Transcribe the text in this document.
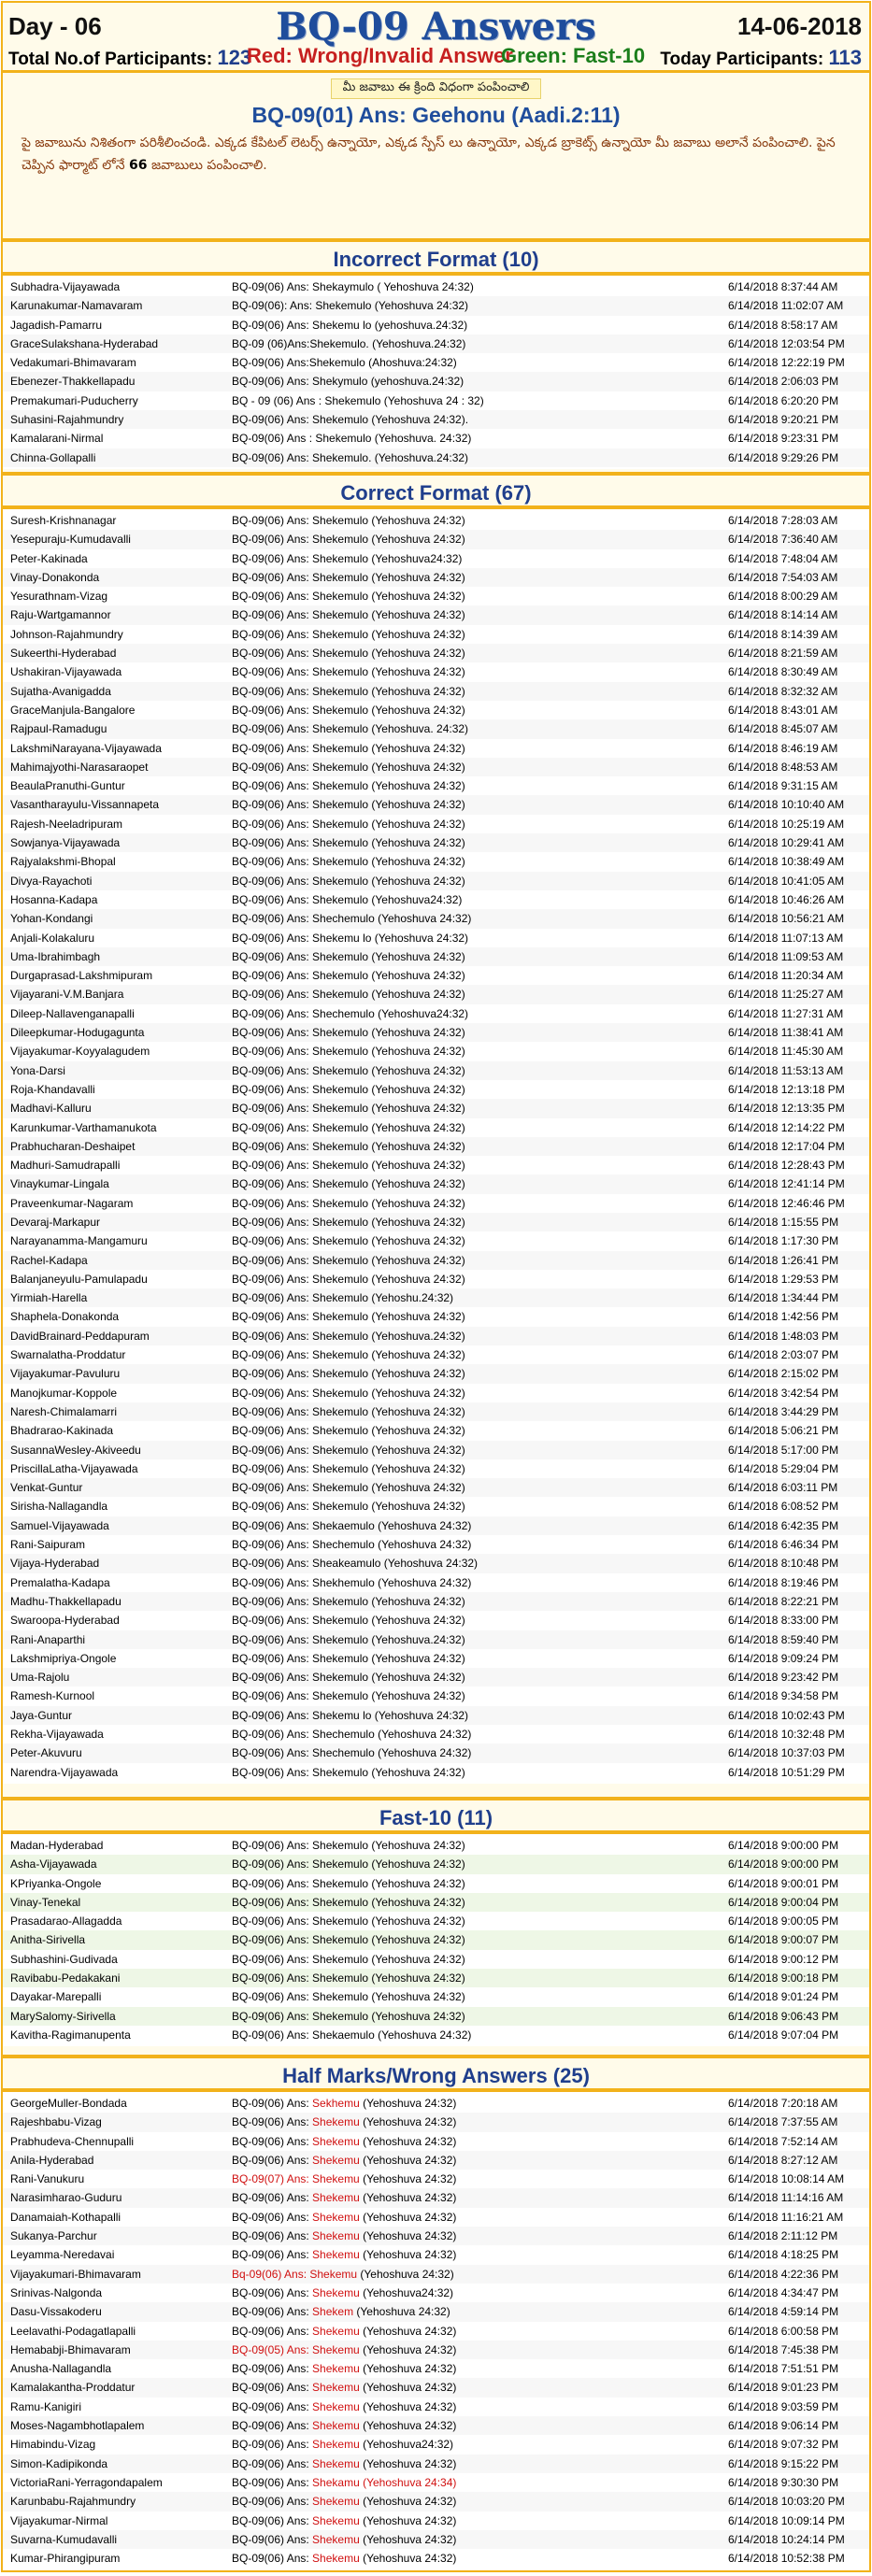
Day - 06	BQ-09 Answers	14-06-2018
Total No.of Participants: 123
Red: Wrong/Invalid Answer
Green: Fast-10 Today Participants: 113
మీ జవాబు ఈ క్రింది విధంగా పంపించాలి
BQ-09(01) Ans: Geehonu (Aadi.2:11)
పై జవాబును నిశితంగా పరిశీలించండి. ఎక్కడ కేపిటల్ లెటర్స్ ఉన్నాయో, ఎక్కడ స్పేస్ లు ఉన్నాయో, ఎక్కడ బ్రాకెట్స్ ఉన్నాయో మీ జవాబు అలానే పంపించాలి. పైన చెప్పిన ఫార్మాట్ లోనే 66 జవాబులు పంపించాలి.
Incorrect Format (10)
Subhadra-Vijayawada	BQ-09(06) Ans: Shekaymulo ( Yehoshuva 24:32)	6/14/2018 8:37:44 AM
Karunakumar-Namavaram	BQ-09(06): Ans: Shekemulo (Yehoshuva 24:32)	6/14/2018 11:02:07 AM
Jagadish-Pamarru	BQ-09(06) Ans: Shekemu lo (yehoshuva.24:32)	6/14/2018 8:58:17 AM
GraceSulakshana-Hyderabad	BQ-09 (06)Ans:Shekemulo. (Yehoshuva.24:32)	6/14/2018 12:03:54 PM
Vedakumari-Bhimavaram	BQ-09(06) Ans:Shekemulo (Ahoshuva:24:32)	6/14/2018 12:22:19 PM
Ebenezer-Thakkellapadu	BQ-09(06) Ans: Shekymulo (yehoshuva.24:32)	6/14/2018 2:06:03 PM
Premakumari-Puducherry	BQ - 09 (06) Ans : Shekemulo (Yehoshuva 24 : 32)	6/14/2018 6:20:20 PM
Suhasini-Rajahmundry	BQ-09(06) Ans: Shekemulo (Yehoshuva 24:32).	6/14/2018 9:20:21 PM
Kamalarani-Nirmal	BQ-09(06) Ans : Shekemulo (Yehoshuva. 24:32)	6/14/2018 9:23:31 PM
Chinna-Gollapalli	BQ-09(06) Ans: Shekemulo. (Yehoshuva.24:32)	6/14/2018 9:29:26 PM
Correct Format (67)
Suresh-Krishnanagar	BQ-09(06) Ans: Shekemulo (Yehoshuva 24:32)	6/14/2018 7:28:03 AM
Yesepuraju-Kumudavalli	BQ-09(06) Ans: Shekemulo (Yehoshuva 24:32)	6/14/2018 7:36:40 AM
Peter-Kakinada	BQ-09(06) Ans: Shekemulo (Yehoshuva24:32)	6/14/2018 7:48:04 AM
Vinay-Donakonda	BQ-09(06) Ans: Shekemulo (Yehoshuva 24:32)	6/14/2018 7:54:03 AM
Yesurathnam-Vizag	BQ-09(06) Ans: Shekemulo (Yehoshuva 24:32)	6/14/2018 8:00:29 AM
Raju-Wartgamannor	BQ-09(06) Ans: Shekemulo (Yehoshuva 24:32)	6/14/2018 8:14:14 AM
Johnson-Rajahmundry	BQ-09(06) Ans: Shekemulo (Yehoshuva 24:32)	6/14/2018 8:14:39 AM
Sukeerthi-Hyderabad	BQ-09(06) Ans: Shekemulo (Yehoshuva 24:32)	6/14/2018 8:21:59 AM
Ushakiran-Vijayawada	BQ-09(06) Ans: Shekemulo (Yehoshuva 24:32)	6/14/2018 8:30:49 AM
Sujatha-Avanigadda	BQ-09(06) Ans: Shekemulo (Yehoshuva 24:32)	6/14/2018 8:32:32 AM
GraceManjula-Bangalore	BQ-09(06) Ans: Shekemulo (Yehoshuva 24:32)	6/14/2018 8:43:01 AM
Rajpaul-Ramadugu	BQ-09(06) Ans: Shekemulo (Yehoshuva. 24:32)	6/14/2018 8:45:07 AM
LakshmiNarayana-Vijayawada	BQ-09(06) Ans: Shekemulo (Yehoshuva 24:32)	6/14/2018 8:46:19 AM
Mahimajyothi-Narasaraopet	BQ-09(06) Ans: Shekemulo (Yehoshuva 24:32)	6/14/2018 8:48:53 AM
BeaulaPranuthi-Guntur	BQ-09(06) Ans: Shekemulo (Yehoshuva 24:32)	6/14/2018 9:31:15 AM
Vasantharayulu-Vissannapeta	BQ-09(06) Ans: Shekemulo (Yehoshuva 24:32)	6/14/2018 10:10:40 AM
Rajesh-Neeladripuram	BQ-09(06) Ans: Shekemulo (Yehoshuva 24:32)	6/14/2018 10:25:19 AM
Sowjanya-Vijayawada	BQ-09(06) Ans: Shekemulo (Yehoshuva 24:32)	6/14/2018 10:29:41 AM
Rajyalakshmi-Bhopal	BQ-09(06) Ans: Shekemulo (Yehoshuva 24:32)	6/14/2018 10:38:49 AM
Divya-Rayachoti	BQ-09(06) Ans: Shekemulo (Yehoshuva 24:32)	6/14/2018 10:41:05 AM
Hosanna-Kadapa	BQ-09(06) Ans: Shekemulo (Yehoshuva24:32)	6/14/2018 10:46:26 AM
Yohan-Kondangi	BQ-09(06) Ans: Shechemulo (Yehoshuva 24:32)	6/14/2018 10:56:21 AM
Anjali-Kolakaluru	BQ-09(06) Ans: Shekemu lo (Yehoshuva 24:32)	6/14/2018 11:07:13 AM
Uma-Ibrahimbagh	BQ-09(06) Ans: Shekemulo (Yehoshuva 24:32)	6/14/2018 11:09:53 AM
Durgaprasad-Lakshmipuram	BQ-09(06) Ans: Shekemulo (Yehoshuva 24:32)	6/14/2018 11:20:34 AM
Vijayarani-V.M.Banjara	BQ-09(06) Ans: Shekemulo (Yehoshuva 24:32)	6/14/2018 11:25:27 AM
Dileep-Nallavenganapalli	BQ-09(06) Ans: Shechemulo (Yehoshuva24:32)	6/14/2018 11:27:31 AM
Dileepkumar-Hodugagunta	BQ-09(06) Ans: Shekemulo (Yehoshuva 24:32)	6/14/2018 11:38:41 AM
Vijayakumar-Koyyalagudem	BQ-09(06) Ans: Shekemulo (Yehoshuva 24:32)	6/14/2018 11:45:30 AM
Yona-Darsi	BQ-09(06) Ans: Shekemulo (Yehoshuva 24:32)	6/14/2018 11:53:13 AM
Roja-Khandavalli	BQ-09(06) Ans: Shekemulo (Yehoshuva 24:32)	6/14/2018 12:13:18 PM
Madhavi-Kalluru	BQ-09(06) Ans: Shekemulo (Yehoshuva 24:32)	6/14/2018 12:13:35 PM
Karunkumar-Varthamanukota	BQ-09(06) Ans: Shekemulo (Yehoshuva 24:32)	6/14/2018 12:14:22 PM
Prabhucharan-Deshaipet	BQ-09(06) Ans: Shekemulo (Yehoshuva 24:32)	6/14/2018 12:17:04 PM
Madhuri-Samudrapalli	BQ-09(06) Ans: Shekemulo (Yehoshuva 24:32)	6/14/2018 12:28:43 PM
Vinaykumar-Lingala	BQ-09(06) Ans: Shekemulo (Yehoshuva 24:32)	6/14/2018 12:41:14 PM
Praveenkumar-Nagaram	BQ-09(06) Ans: Shekemulo (Yehoshuva 24:32)	6/14/2018 12:46:46 PM
Devaraj-Markapur	BQ-09(06) Ans: Shekemulo (Yehoshuva 24:32)	6/14/2018 1:15:55 PM
Narayanamma-Mangamuru	BQ-09(06) Ans: Shekemulo (Yehoshuva 24:32)	6/14/2018 1:17:30 PM
Rachel-Kadapa	BQ-09(06) Ans: Shekemulo (Yehoshuva 24:32)	6/14/2018 1:26:41 PM
Balanjaneyulu-Pamulapadu	BQ-09(06) Ans: Shekemulo (Yehoshuva 24:32)	6/14/2018 1:29:53 PM
Yirmiah-Harella	BQ-09(06) Ans: Shekemulo (Yehoshu.24:32)	6/14/2018 1:34:44 PM
Shaphela-Donakonda	BQ-09(06) Ans: Shekemulo (Yehoshuva 24:32)	6/14/2018 1:42:56 PM
DavidBrainard-Peddapuram	BQ-09(06) Ans: Shekemulo (Yehoshuva.24:32)	6/14/2018 1:48:03 PM
Swarnalatha-Proddatur	BQ-09(06) Ans: Shekemulo (Yehoshuva 24:32)	6/14/2018 2:03:07 PM
Vijayakumar-Pavuluru	BQ-09(06) Ans: Shekemulo (Yehoshuva 24:32)	6/14/2018 2:15:02 PM
Manojkumar-Koppole	BQ-09(06) Ans: Shekemulo (Yehoshuva 24:32)	6/14/2018 3:42:54 PM
Naresh-Chimalamarri	BQ-09(06) Ans: Shekemulo (Yehoshuva 24:32)	6/14/2018 3:44:29 PM
Bhadrarao-Kakinada	BQ-09(06) Ans: Shekemulo (Yehoshuva 24:32)	6/14/2018 5:06:21 PM
SusannaWesley-Akiveedu	BQ-09(06) Ans: Shekemulo (Yehoshuva 24:32)	6/14/2018 5:17:00 PM
PriscillaLatha-Vijayawada	BQ-09(06) Ans: Shekemulo (Yehoshuva 24:32)	6/14/2018 5:29:04 PM
Venkat-Guntur	BQ-09(06) Ans: Shekemulo (Yehoshuva 24:32)	6/14/2018 6:03:11 PM
Sirisha-Nallagandla	BQ-09(06) Ans: Shekemulo (Yehoshuva 24:32)	6/14/2018 6:08:52 PM
Samuel-Vijayawada	BQ-09(06) Ans: Shekaemulo (Yehoshuva 24:32)	6/14/2018 6:42:35 PM
Rani-Saipuram	BQ-09(06) Ans: Shechemulo (Yehoshuva 24:32)	6/14/2018 6:46:34 PM
Vijaya-Hyderabad	BQ-09(06) Ans: Sheakeamulo (Yehoshuva 24:32)	6/14/2018 8:10:48 PM
Premalatha-Kadapa	BQ-09(06) Ans: Shekhemulo (Yehoshuva 24:32)	6/14/2018 8:19:46 PM
Madhu-Thakkellapadu	BQ-09(06) Ans: Shekemulo (Yehoshuva 24:32)	6/14/2018 8:22:21 PM
Swaroopa-Hyderabad	BQ-09(06) Ans: Shekemulo (Yehoshuva 24:32)	6/14/2018 8:33:00 PM
Rani-Anaparthi	BQ-09(06) Ans: Shekemulo (Yehoshuva.24:32)	6/14/2018 8:59:40 PM
Lakshmipriya-Ongole	BQ-09(06) Ans: Shekemulo (Yehoshuva 24:32)	6/14/2018 9:09:24 PM
Uma-Rajolu	BQ-09(06) Ans: Shekemulo (Yehoshuva 24:32)	6/14/2018 9:23:42 PM
Ramesh-Kurnool	BQ-09(06) Ans: Shekemulo (Yehoshuva 24:32)	6/14/2018 9:34:58 PM
Jaya-Guntur	BQ-09(06) Ans: Shekemu lo (Yehoshuva 24:32)	6/14/2018 10:02:43 PM
Rekha-Vijayawada	BQ-09(06) Ans: Shechemulo (Yehoshuva 24:32)	6/14/2018 10:32:48 PM
Peter-Akuvuru	BQ-09(06) Ans: Shechemulo (Yehoshuva 24:32)	6/14/2018 10:37:03 PM
Narendra-Vijayawada	BQ-09(06) Ans: Shekemulo (Yehoshuva 24:32)	6/14/2018 10:51:29 PM
Fast-10 (11)
Madan-Hyderabad	BQ-09(06) Ans: Shekemulo (Yehoshuva 24:32)	6/14/2018 9:00:00 PM
Asha-Vijayawada	BQ-09(06) Ans: Shekemulo (Yehoshuva 24:32)	6/14/2018 9:00:00 PM
KPriyanka-Ongole	BQ-09(06) Ans: Shekemulo (Yehoshuva 24:32)	6/14/2018 9:00:01 PM
Vinay-Tenekal	BQ-09(06) Ans: Shekemulo (Yehoshuva 24:32)	6/14/2018 9:00:04 PM
Prasadarao-Allagadda	BQ-09(06) Ans: Shekemulo (Yehoshuva 24:32)	6/14/2018 9:00:05 PM
Anitha-Sirivella	BQ-09(06) Ans: Shekemulo (Yehoshuva 24:32)	6/14/2018 9:00:07 PM
Subhashini-Gudivada	BQ-09(06) Ans: Shekemulo (Yehoshuva 24:32)	6/14/2018 9:00:12 PM
Ravibabu-Pedakakani	BQ-09(06) Ans: Shekemulo (Yehoshuva 24:32)	6/14/2018 9:00:18 PM
Dayakar-Marepalli	BQ-09(06) Ans: Shekemulo (Yehoshuva 24:32)	6/14/2018 9:01:24 PM
MarySalomy-Sirivella	BQ-09(06) Ans: Shekemulo (Yehoshuva 24:32)	6/14/2018 9:06:43 PM
Kavitha-Ragimanupenta	BQ-09(06) Ans: Shekaemulo (Yehoshuva 24:32)	6/14/2018 9:07:04 PM
Half Marks/Wrong Answers (25)
GeorgeMuller-Bondada	BQ-09(06) Ans: Sekhemu (Yehoshuva 24:32)	6/14/2018 7:20:18 AM
Rajeshbabu-Vizag	BQ-09(06) Ans: Shekemu (Yehoshuva 24:32)	6/14/2018 7:37:55 AM
Prabhudeva-Chennupalli	BQ-09(06) Ans: Shekemu (Yehoshuva 24:32)	6/14/2018 7:52:14 AM
Anila-Hyderabad	BQ-09(06) Ans: Shekemu (Yehoshuva 24:32)	6/14/2018 8:27:12 AM
Rani-Vanukuru	BQ-09(07) Ans: Shekemu (Yehoshuva 24:32)	6/14/2018 10:08:14 AM
Narasimharao-Guduru	BQ-09(06) Ans: Shekemu (Yehoshuva 24:32)	6/14/2018 11:14:16 AM
Danamaiah-Kothapalli	BQ-09(06) Ans: Shekemu (Yehoshuva 24:32)	6/14/2018 11:16:21 AM
Sukanya-Parchur	BQ-09(06) Ans: Shekemu (Yehoshuva 24:32)	6/14/2018 2:11:12 PM
Leyamma-Neredavai	BQ-09(06) Ans: Shekemu (Yehoshuva 24:32)	6/14/2018 4:18:25 PM
Vijayakumari-Bhimavaram	Bq-09(06) Ans: Shekemu (Yehoshuva 24:32)	6/14/2018 4:22:36 PM
Srinivas-Nalgonda	BQ-09(06) Ans: Shekemu (Yehoshuva24:32)	6/14/2018 4:34:47 PM
Dasu-Vissakoderu	BQ-09(06) Ans: Shekem (Yehoshuva 24:32)	6/14/2018 4:59:14 PM
Leelavathi-Podagatlapalli	BQ-09(06) Ans: Shekemu (Yehoshuva 24:32)	6/14/2018 6:00:58 PM
Hemababji-Bhimavaram	BQ-09(05) Ans: Shekemu (Yehoshuva 24:32)	6/14/2018 7:45:38 PM
Anusha-Nallagandla	BQ-09(06) Ans: Shekemu (Yehoshuva 24:32)	6/14/2018 7:51:51 PM
Kamalakantha-Proddatur	BQ-09(06) Ans: Shekemu (Yehoshuva 24:32)	6/14/2018 9:01:23 PM
Ramu-Kanigiri	BQ-09(06) Ans: Shekemu (Yehoshuva 24:32)	6/14/2018 9:03:59 PM
Moses-Nagambhotlapalem	BQ-09(06) Ans: Shekemu (Yehoshuva 24:32)	6/14/2018 9:06:14 PM
Himabindu-Vizag	BQ-09(06) Ans: Shekemu (Yehoshuva24:32)	6/14/2018 9:07:32 PM
Simon-Kadipikonda	BQ-09(06) Ans: Shekemu (Yehoshuva 24:32)	6/14/2018 9:15:22 PM
VictoriaRani-Yerragondapalem	BQ-09(06) Ans: Shekamu (Yehoshuva 24:34)	6/14/2018 9:30:30 PM
Karunbabu-Rajahmundry	BQ-09(06) Ans: Shekemu (Yehoshuva 24:32)	6/14/2018 10:03:20 PM
Vijayakumar-Nirmal	BQ-09(06) Ans: Shekemu (Yehoshuva 24:32)	6/14/2018 10:09:14 PM
Suvarna-Kumudavalli	BQ-09(06) Ans: Shekemu (Yehoshuva 24:32)	6/14/2018 10:24:14 PM
Kumar-Phirangipuram	BQ-09(06) Ans: Shekemu (Yehoshuva 24:32)	6/14/2018 10:52:38 PM
